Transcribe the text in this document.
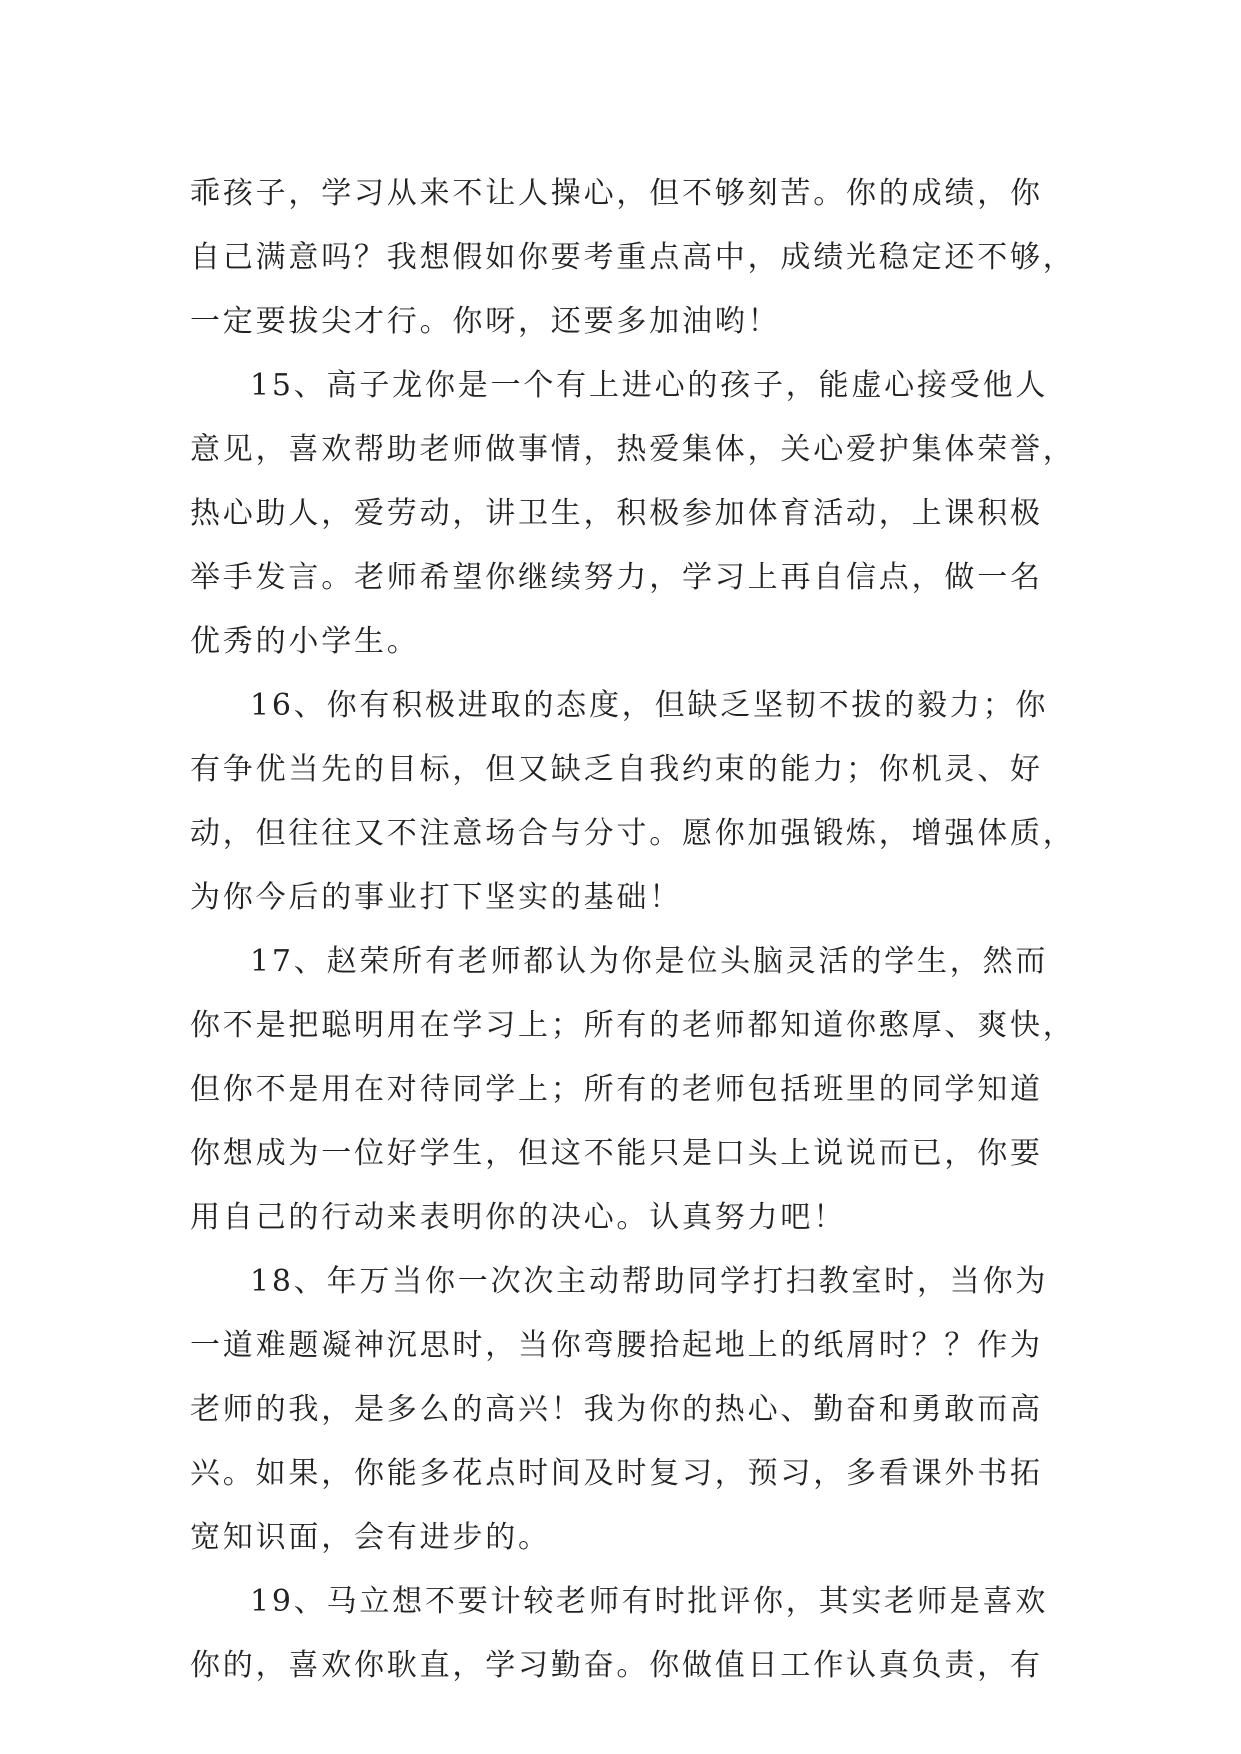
乖孩子，学习从来不让人操心，但不够刻苦。你的成绩，你
自己满意吗？我想假如你要考重点高中，成绩光稳定还不够，
一定要拔尖才行。你呀，还要多加油哟！
15、高子龙你是一个有上进心的孩子，能虚心接受他人
意见，喜欢帮助老师做事情，热爱集体，关心爱护集体荣誉，
热心助人，爱劳动，讲卫生，积极参加体育活动，上课积极
举手发言。老师希望你继续努力，学习上再自信点，做一名
优秀的小学生。
16、你有积极进取的态度，但缺乏坚韧不拔的毅力；你
有争优当先的目标，但又缺乏自我约束的能力；你机灵、好
动，但往往又不注意场合与分寸。愿你加强锻炼，增强体质，
为你今后的事业打下坚实的基础！
17、赵荣所有老师都认为你是位头脑灵活的学生，然而
你不是把聪明用在学习上；所有的老师都知道你憨厚、爽快，
但你不是用在对待同学上；所有的老师包括班里的同学知道
你想成为一位好学生，但这不能只是口头上说说而已，你要
用自己的行动来表明你的决心。认真努力吧！
18、年万当你一次次主动帮助同学打扫教室时，当你为
一道难题凝神沉思时，当你弯腰拾起地上的纸屑时？？作为
老师的我，是多么的高兴！我为你的热心、勤奋和勇敢而高
兴。如果，你能多花点时间及时复习，预习，多看课外书拓
宽知识面，会有进步的。
19、马立想不要计较老师有时批评你，其实老师是喜欢
你的，喜欢你耿直，学习勤奋。你做值日工作认真负责，有
